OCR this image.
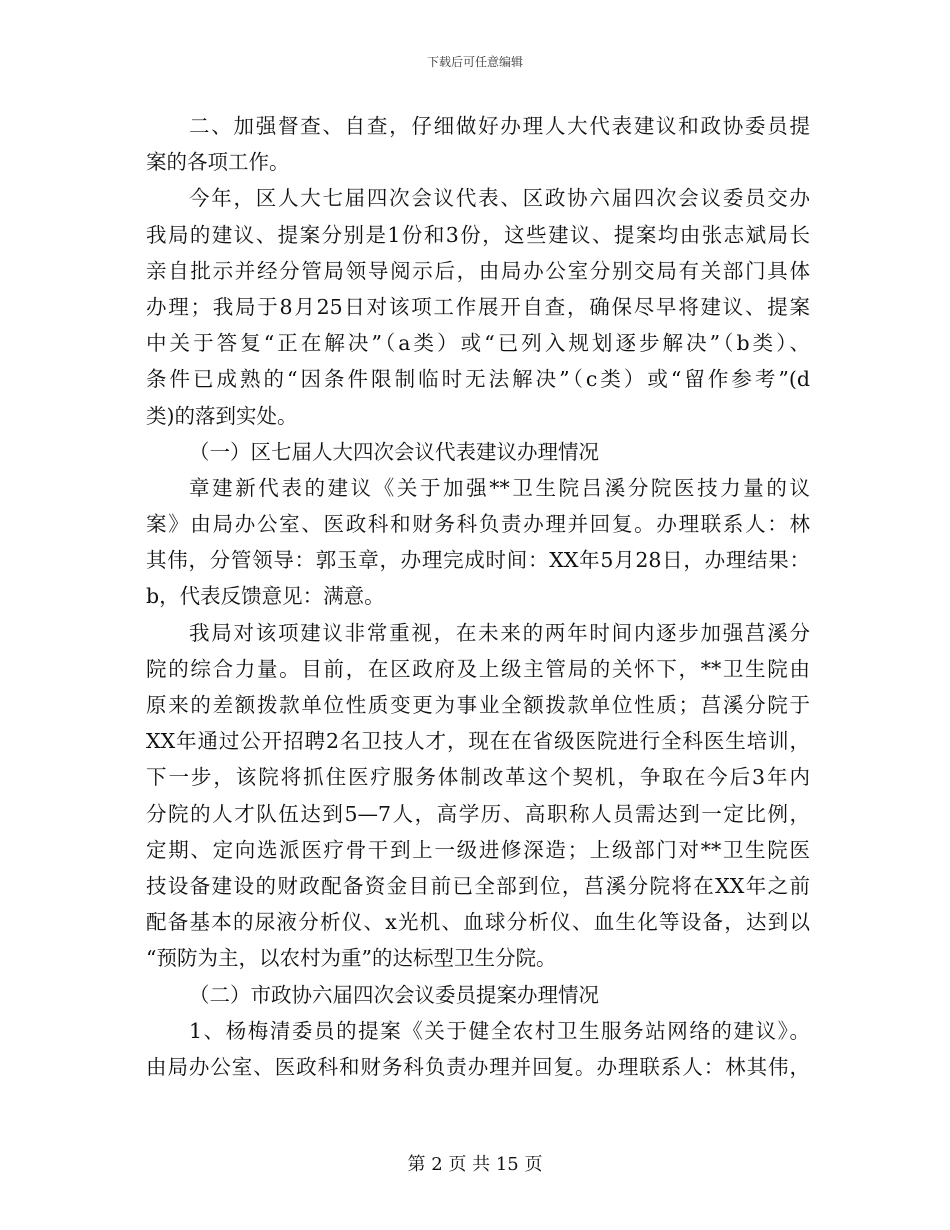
下载后可任意编辑
二、加强督查、自查，仔细做好办理人大代表建议和政协委员提
案的各项工作。
今年，区人大七届四次会议代表、区政协六届四次会议委员交办
我局的建议、提案分别是1份和3份，这些建议、提案均由张志斌局长
亲自批示并经分管局领导阅示后，由局办公室分别交局有关部门具体
办理；我局于8月25日对该项工作展开自查，确保尽早将建议、提案
中关于答复“正在解决”（a类）或“已列入规划逐步解决”（b类）、
条件已成熟的“因条件限制临时无法解决”（c类）或“留作参考”(d
类)的落到实处。
（一）区七届人大四次会议代表建议办理情况
章建新代表的建议《关于加强**卫生院吕溪分院医技力量的议
案》由局办公室、医政科和财务科负责办理并回复。办理联系人：林
其伟，分管领导：郭玉章，办理完成时间：XX年5月28日，办理结果：
b，代表反馈意见：满意。
我局对该项建议非常重视，在未来的两年时间内逐步加强莒溪分
院的综合力量。目前，在区政府及上级主管局的关怀下，**卫生院由
原来的差额拨款单位性质变更为事业全额拨款单位性质；莒溪分院于
XX年通过公开招聘2名卫技人才，现在在省级医院进行全科医生培训，
下一步，该院将抓住医疗服务体制改革这个契机，争取在今后3年内
分院的人才队伍达到5—7人，高学历、高职称人员需达到一定比例，
定期、定向选派医疗骨干到上一级进修深造；上级部门对**卫生院医
技设备建设的财政配备资金目前已全部到位，莒溪分院将在XX年之前
配备基本的尿液分析仪、x光机、血球分析仪、血生化等设备，达到以
“预防为主，以农村为重”的达标型卫生分院。
（二）市政协六届四次会议委员提案办理情况
1、杨梅清委员的提案《关于健全农村卫生服务站网络的建议》。
由局办公室、医政科和财务科负责办理并回复。办理联系人：林其伟，
第 2 页 共 15 页
